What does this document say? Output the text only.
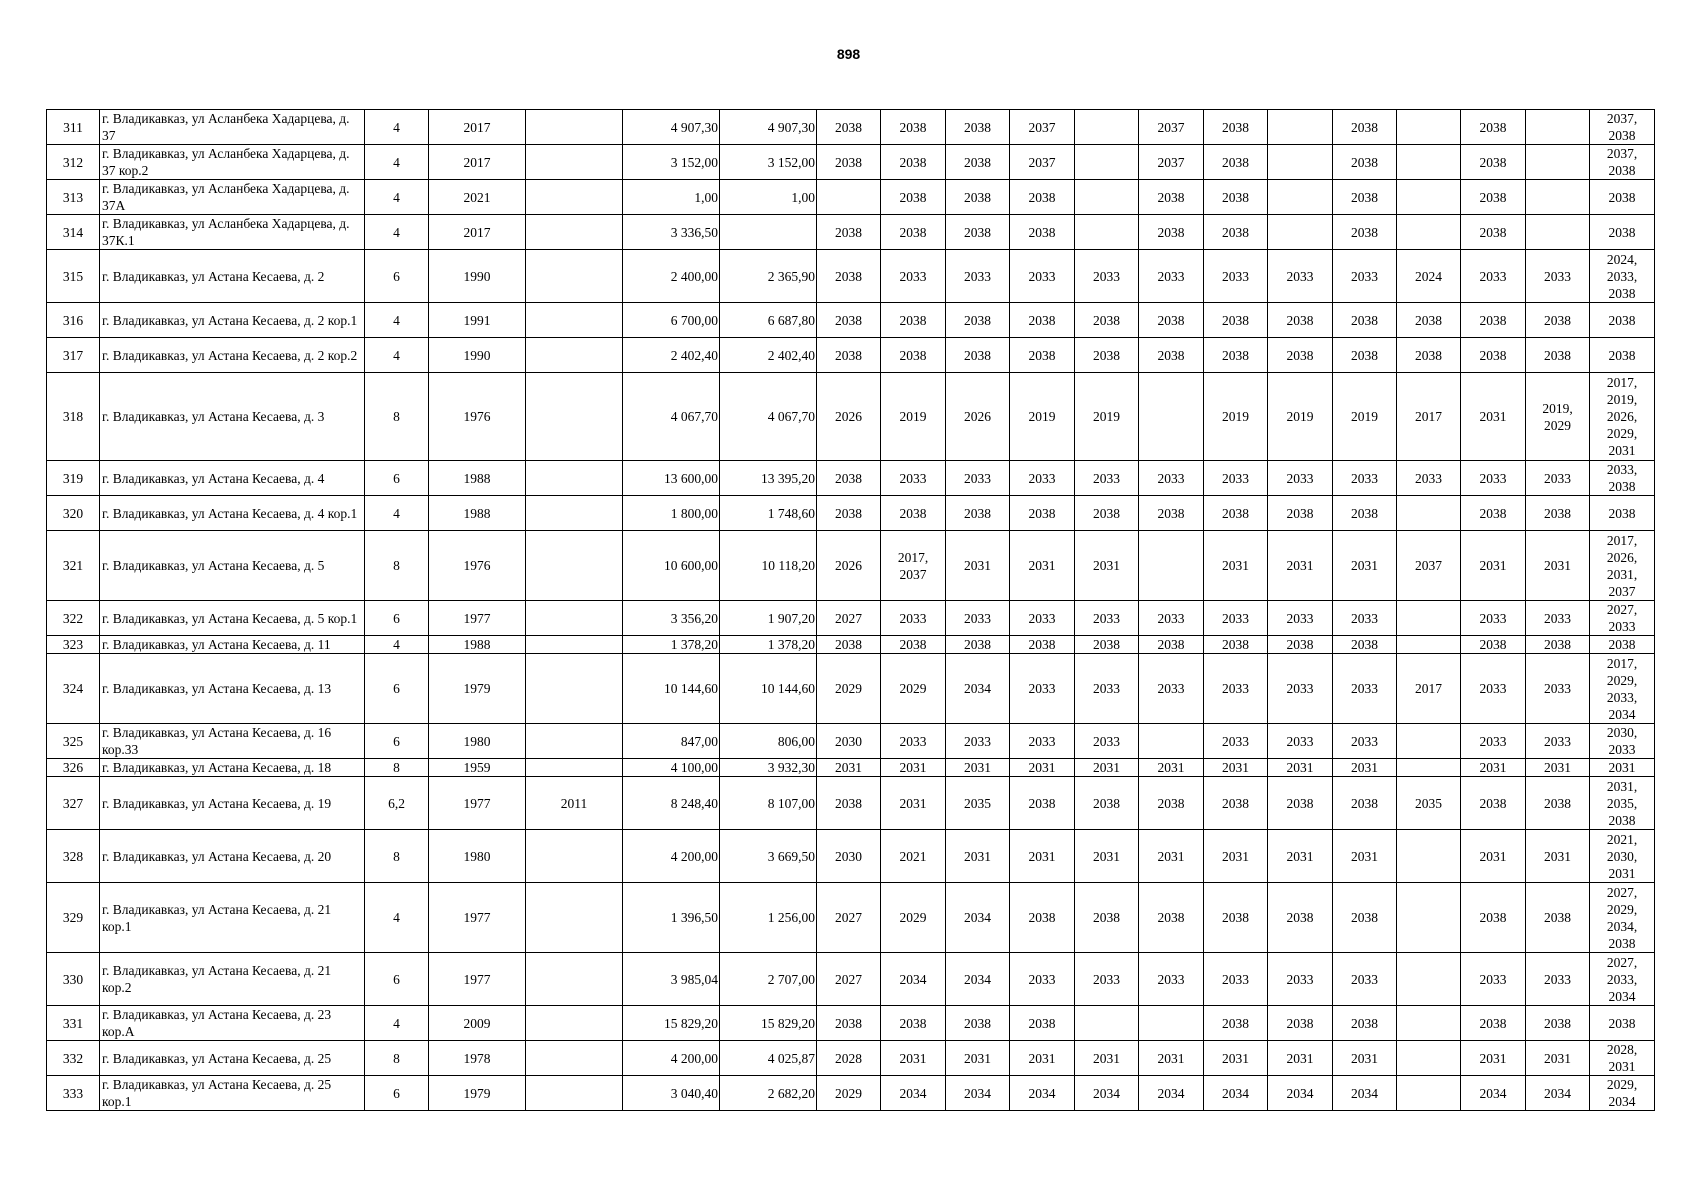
898
311	г. Владикавказ, ул Асланбека Хадарцева, д. 37	4	2017		4 907,30	4 907,30	2038	2038	2038	2037		2037	2038		2038		2038		2037, 2038
312	г. Владикавказ, ул Асланбека Хадарцева, д. 37 кор.2	4	2017		3 152,00	3 152,00	2038	2038	2038	2037		2037	2038		2038		2038		2037, 2038
313	г. Владикавказ, ул Асланбека Хадарцева, д. 37А	4	2021		1,00	1,00		2038	2038	2038		2038	2038		2038		2038		2038
314	г. Владикавказ, ул Асланбека Хадарцева, д. 37К.1	4	2017		3 336,50		2038	2038	2038	2038		2038	2038		2038		2038		2038
315	г. Владикавказ, ул Астана Кесаева, д. 2	6	1990		2 400,00	2 365,90	2038	2033	2033	2033	2033	2033	2033	2033	2033	2024	2033	2033	2024, 2033, 2038
316	г. Владикавказ, ул Астана Кесаева, д. 2 кор.1	4	1991		6 700,00	6 687,80	2038	2038	2038	2038	2038	2038	2038	2038	2038	2038	2038	2038	2038
317	г. Владикавказ, ул Астана Кесаева, д. 2 кор.2	4	1990		2 402,40	2 402,40	2038	2038	2038	2038	2038	2038	2038	2038	2038	2038	2038	2038	2038
318	г. Владикавказ, ул Астана Кесаева, д. 3	8	1976		4 067,70	4 067,70	2026	2019	2026	2019	2019		2019	2019	2019	2017	2031	2019, 2029	2017, 2019, 2026, 2029, 2031
319	г. Владикавказ, ул Астана Кесаева, д. 4	6	1988		13 600,00	13 395,20	2038	2033	2033	2033	2033	2033	2033	2033	2033	2033	2033	2033	2033, 2038
320	г. Владикавказ, ул Астана Кесаева, д. 4 кор.1	4	1988		1 800,00	1 748,60	2038	2038	2038	2038	2038	2038	2038	2038	2038		2038	2038	2038
321	г. Владикавказ, ул Астана Кесаева, д. 5	8	1976		10 600,00	10 118,20	2026	2017, 2037	2031	2031	2031		2031	2031	2031	2037	2031	2031	2017, 2026, 2031, 2037
322	г. Владикавказ, ул Астана Кесаева, д. 5 кор.1	6	1977		3 356,20	1 907,20	2027	2033	2033	2033	2033	2033	2033	2033	2033		2033	2033	2027, 2033
323	г. Владикавказ, ул Астана Кесаева, д. 11	4	1988		1 378,20	1 378,20	2038	2038	2038	2038	2038	2038	2038	2038	2038		2038	2038	2038
324	г. Владикавказ, ул Астана Кесаева, д. 13	6	1979		10 144,60	10 144,60	2029	2029	2034	2033	2033	2033	2033	2033	2033	2017	2033	2033	2017, 2029, 2033, 2034
325	г. Владикавказ, ул Астана Кесаева, д. 16 кор.33	6	1980		847,00	806,00	2030	2033	2033	2033	2033		2033	2033	2033		2033	2033	2030, 2033
326	г. Владикавказ, ул Астана Кесаева, д. 18	8	1959		4 100,00	3 932,30	2031	2031	2031	2031	2031	2031	2031	2031	2031		2031	2031	2031
327	г. Владикавказ, ул Астана Кесаева, д. 19	6,2	1977	2011	8 248,40	8 107,00	2038	2031	2035	2038	2038	2038	2038	2038	2038	2035	2038	2038	2031, 2035, 2038
328	г. Владикавказ, ул Астана Кесаева, д. 20	8	1980		4 200,00	3 669,50	2030	2021	2031	2031	2031	2031	2031	2031	2031		2031	2031	2021, 2030, 2031
329	г. Владикавказ, ул Астана Кесаева, д. 21 кор.1	4	1977		1 396,50	1 256,00	2027	2029	2034	2038	2038	2038	2038	2038	2038		2038	2038	2027, 2029, 2034, 2038
330	г. Владикавказ, ул Астана Кесаева, д. 21 кор.2	6	1977		3 985,04	2 707,00	2027	2034	2034	2033	2033	2033	2033	2033	2033		2033	2033	2027, 2033, 2034
331	г. Владикавказ, ул Астана Кесаева, д. 23 кор.А	4	2009		15 829,20	15 829,20	2038	2038	2038	2038			2038	2038	2038		2038	2038	2038
332	г. Владикавказ, ул Астана Кесаева, д. 25	8	1978		4 200,00	4 025,87	2028	2031	2031	2031	2031	2031	2031	2031	2031		2031	2031	2028, 2031
333	г. Владикавказ, ул Астана Кесаева, д. 25 кор.1	6	1979		3 040,40	2 682,20	2029	2034	2034	2034	2034	2034	2034	2034	2034		2034	2034	2029, 2034
